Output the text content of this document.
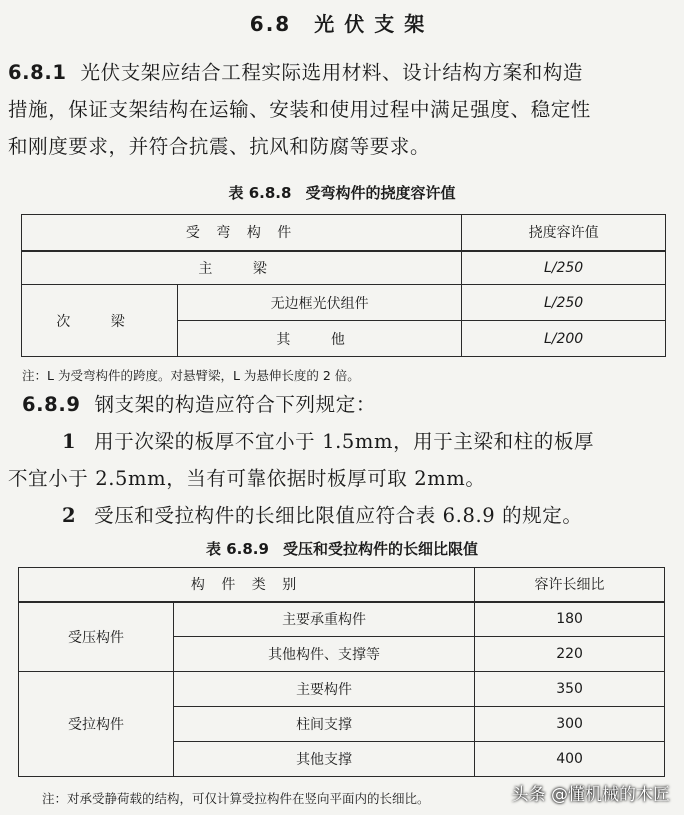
6.8 光伏支架
6.8.1 光伏支架应结合工程实际选用材料、设计结构方案和构造
措施，保证支架结构在运输、安装和使用过程中满足强度、稳定性
和刚度要求，并符合抗震、抗风和防腐等要求。
表 6.8.8 受弯构件的挠度容许值
受 弯 构 件		挠度容许值
主 梁		L/250
次 梁	无边框光伏组件	L/250
	其 他	L/200
注：L 为受弯构件的跨度。对悬臂梁，L 为悬伸长度的 2 倍。
6.8.9 钢支架的构造应符合下列规定：
1 用于次梁的板厚不宜小于 1.5mm，用于主梁和柱的板厚
不宜小于 2.5mm，当有可靠依据时板厚可取 2mm。
2 受压和受拉构件的长细比限值应符合表 6.8.9 的规定。
表 6.8.9 受压和受拉构件的长细比限值
构 件 类 别		容许长细比
受压构件	主要承重构件	180
	其他构件、支撑等	220
受拉构件	主要构件	350
	柱间支撑	300
	其他支撑	400
注：对承受静荷载的结构，可仅计算受拉构件在竖向平面内的长细比。	头条 @懂机械的木匠
